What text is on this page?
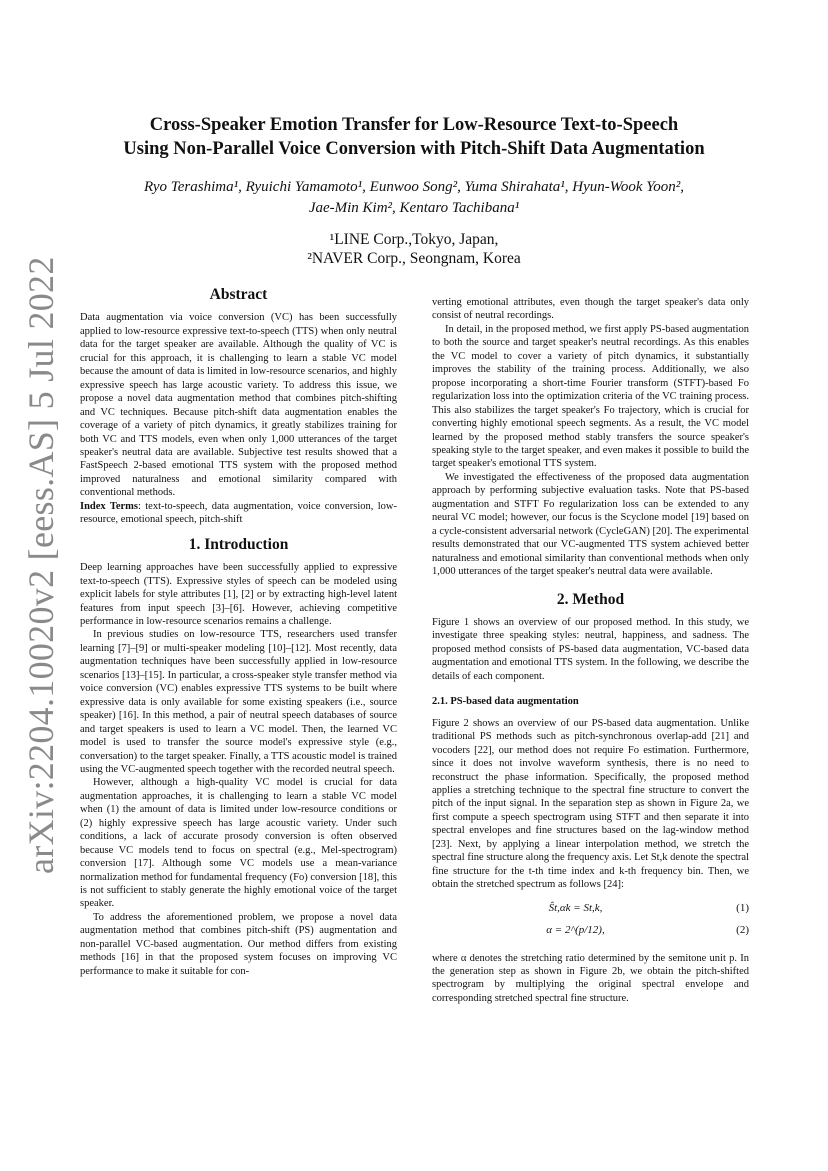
arXiv:2204.10020v2 [eess.AS] 5 Jul 2022
Cross-Speaker Emotion Transfer for Low-Resource Text-to-Speech
Using Non-Parallel Voice Conversion with Pitch-Shift Data Augmentation
Ryo Terashima¹, Ryuichi Yamamoto¹, Eunwoo Song², Yuma Shirahata¹, Hyun-Wook Yoon²,
Jae-Min Kim², Kentaro Tachibana¹
¹LINE Corp.,Tokyo, Japan,
²NAVER Corp., Seongnam, Korea
Abstract

Data augmentation via voice conversion (VC) has been successfully applied to low-resource expressive text-to-speech (TTS) when only neutral data for the target speaker are available. Although the quality of VC is crucial for this approach, it is challenging to learn a stable VC model because the amount of data is limited in low-resource scenarios, and highly expressive speech has large acoustic variety. To address this issue, we propose a novel data augmentation method that combines pitch-shifting and VC techniques. Because pitch-shift data augmentation enables the coverage of a variety of pitch dynamics, it greatly stabilizes training for both VC and TTS models, even when only 1,000 utterances of the target speaker's neutral data are available. Subjective test results showed that a FastSpeech 2-based emotional TTS system with the proposed method improved naturalness and emotional similarity compared with conventional methods.

Index Terms: text-to-speech, data augmentation, voice conversion, low-resource, emotional speech, pitch-shift

1. Introduction

Deep learning approaches have been successfully applied to expressive text-to-speech (TTS). Expressive styles of speech can be modeled using explicit labels for style attributes [1], [2] or by extracting high-level latent features from input speech [3]–[6]. However, achieving competitive performance in low-resource scenarios remains a challenge.

In previous studies on low-resource TTS, researchers used transfer learning [7]–[9] or multi-speaker modeling [10]–[12]. Most recently, data augmentation techniques have been successfully applied in low-resource scenarios [13]–[15]. In particular, a cross-speaker style transfer method via voice conversion (VC) enables expressive TTS systems to be built where expressive data is only available for some existing speakers (i.e., source speaker) [16]. In this method, a pair of neutral speech databases of source and target speakers is used to learn a VC model. Then, the learned VC model is used to transfer the source model's expressive style (e.g., conversation) to the target speaker. Finally, a TTS acoustic model is trained using the VC-augmented speech together with the recorded neutral speech.

However, although a high-quality VC model is crucial for data augmentation approaches, it is challenging to learn a stable VC model when (1) the amount of data is limited under low-resource conditions or (2) highly expressive speech has large acoustic variety. Under such conditions, a lack of accurate prosody conversion is often observed because VC models tend to focus on spectral (e.g., Mel-spectrogram) conversion [17]. Although some VC models use a mean-variance normalization method for fundamental frequency (Fo) conversion [18], this is not sufficient to stably generate the highly emotional voice of the target speaker.

To address the aforementioned problem, we propose a novel data augmentation method that combines pitch-shift (PS) augmentation and non-parallel VC-based augmentation. Our method differs from existing methods [16] in that the proposed system focuses on improving VC performance to make it suitable for con-

verting emotional attributes, even though the target speaker's data only consist of neutral recordings.

In detail, in the proposed method, we first apply PS-based augmentation to both the source and target speaker's neutral recordings. As this enables the VC model to cover a variety of pitch dynamics, it substantially improves the stability of the training process. Additionally, we also propose incorporating a short-time Fourier transform (STFT)-based Fo regularization loss into the optimization criteria of the VC training process. This also stabilizes the target speaker's Fo trajectory, which is crucial for converting highly emotional speech segments. As a result, the VC model learned by the proposed method stably transfers the source speaker's speaking style to the target speaker, and even makes it possible to build the target speaker's emotional TTS system.

We investigated the effectiveness of the proposed data augmentation approach by performing subjective evaluation tasks. Note that PS-based augmentation and STFT Fo regularization loss can be extended to any neural VC model; however, our focus is the Scyclone model [19] based on a cycle-consistent adversarial network (CycleGAN) [20]. The experimental results demonstrated that our VC-augmented TTS system achieved better naturalness and emotional similarity than conventional methods when only 1,000 utterances of the target speaker's neutral data were available.

2. Method

Figure 1 shows an overview of our proposed method. In this study, we investigate three speaking styles: neutral, happiness, and sadness. The proposed method consists of PS-based data augmentation, VC-based data augmentation and emotional TTS system. In the following, we describe the details of each component.

2.1. PS-based data augmentation

Figure 2 shows an overview of our PS-based data augmentation. Unlike traditional PS methods such as pitch-synchronous overlap-add [21] and vocoders [22], our method does not require Fo estimation. Furthermore, since it does not involve waveform synthesis, there is no need to reconstruct the phase information. Specifically, the proposed method applies a stretching technique to the spectral fine structure to convert the pitch of the input signal. In the separation step as shown in Figure 2a, we first compute a speech spectrogram using STFT and then separate it into spectral envelopes and fine structures based on the lag-window method [23]. Next, by applying a linear interpolation method, we stretch the spectral fine structure along the frequency axis. Let St,k denote the spectral fine structure for the t-th time index and k-th frequency bin. Then, we obtain the stretched spectrum as follows [24]:

Ŝt,αk = St,k,	(1)
α = 2^(p/12),	(2)

where α denotes the stretching ratio determined by the semitone unit p. In the generation step as shown in Figure 2b, we obtain the pitch-shifted spectrogram by multiplying the original spectral envelope and corresponding stretched spectral fine structure.
